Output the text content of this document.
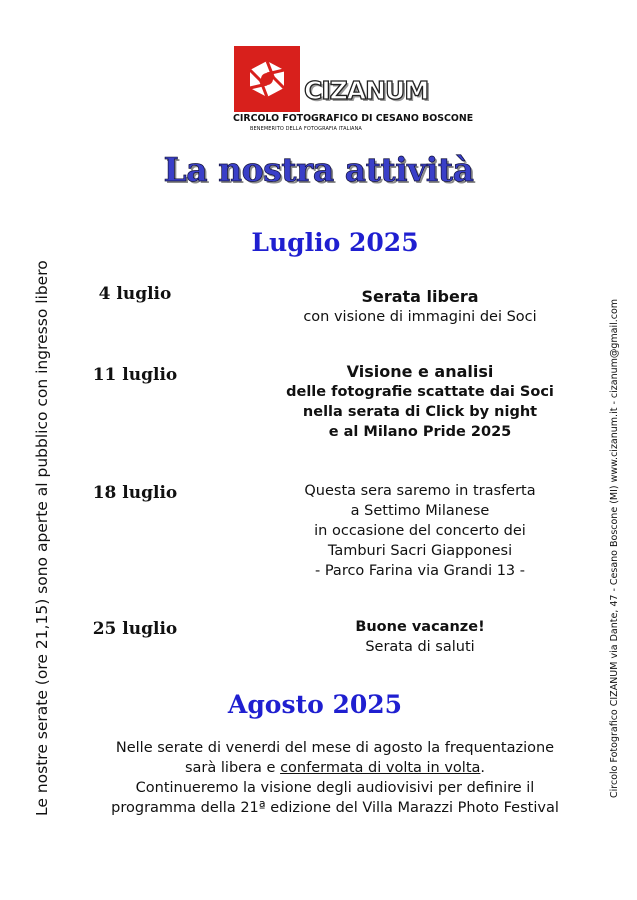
CIZANUM
CIRCOLO FOTOGRAFICO DI CESANO BOSCONE
BENEMERITO DELLA FOTOGRAFIA ITALIANA
La nostra attività
Luglio 2025
4 luglio	Serata libera
con visione di immagini dei Soci
11 luglio	Visione e analisi
delle fotografie scattate dai Soci
nella serata di Click by night
e al Milano Pride 2025
18 luglio	Questa sera saremo in trasferta
a Settimo Milanese
in occasione del concerto dei
Tamburi Sacri Giapponesi
- Parco Farina via Grandi 13 -
25 luglio	Buone vacanze!
Serata di saluti
Agosto 2025
Nelle serate di venerdi del mese di agosto la frequentazione
sarà libera e confermata di volta in volta.
Continueremo la visione degli audiovisivi per definire il
programma della 21ª edizione del Villa Marazzi Photo Festival
Le nostre serate (ore 21,15) sono aperte al pubblico con ingresso libero	Circolo Fotografico CIZANUM via Dante, 47 - Cesano Boscone (MI) www.cizanum.it - cizanum@gmail.com
